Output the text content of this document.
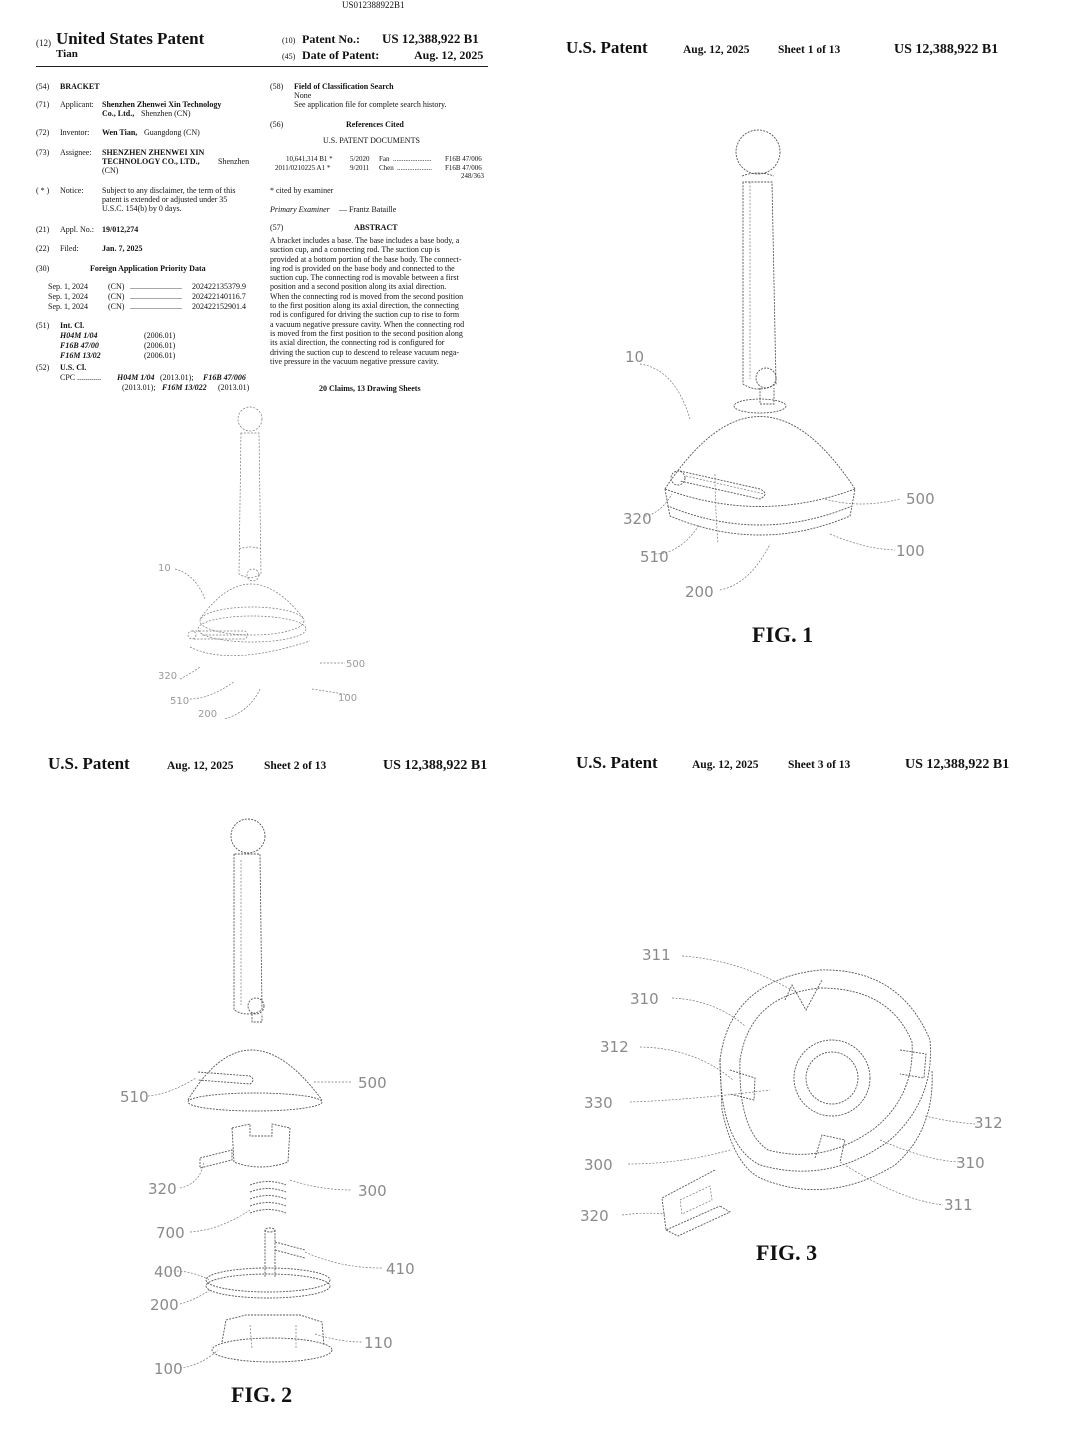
US012388922B1
(12) United States Patent
Tian
(10) Patent No.: US 12,388,922 B1
(45) Date of Patent:	Aug. 12, 2025
(54) BRACKET
(71) Applicant: Shenzhen Zhenwei Xin Technology
Co., Ltd., Shenzhen (CN)
(72) Inventor: Wen Tian, Guangdong (CN)
(73) Assignee: SHENZHEN ZHENWEI XIN
TECHNOLOGY CO., LTD., Shenzhen
(CN)
( * ) Notice: Subject to any disclaimer, the term of this
patent is extended or adjusted under 35
U.S.C. 154(b) by 0 days.
(21) Appl. No.: 19/012,274
(22) Filed:	Jan. 7, 2025
(30)	Foreign Application Priority Data
Sep. 1, 2024	(CN) .......................... 202422135379.9
Sep. 1, 2024	(CN) .......................... 202422140116.7
Sep. 1, 2024	(CN) .......................... 202422152901.4
(51) Int. Cl.
H04M 1/04	(2006.01)
F16B 47/00	(2006.01)
F16M 13/02	(2006.01)
(52) U.S. Cl.
CPC ............ H04M 1/04 (2013.01); F16B 47/006
(2013.01); F16M 13/022 (2013.01)
(58) Field of Classification Search
None
See application file for complete search history.
(56)	References Cited
U.S. PATENT DOCUMENTS
10,641,314 B1 * 5/2020 Fan ...................... F16B 47/006
2011/0210225 A1 *	9/2011 Chen .................... F16B 47/006
248/363
* cited by examiner
Primary Examiner — Frantz Bataille
(57)	ABSTRACT
A bracket includes a base. The base includes a base body, a
suction cup, and a connecting rod. The suction cup is
provided at a bottom portion of the base body. The connect-
ing rod is provided on the base body and connected to the
suction cup. The connecting rod is movable between a first
position and a second position along its axial direction.
When the connecting rod is moved from the second position
to the first position along its axial direction, the connecting
rod is configured for driving the suction cup to rise to form
a vacuum negative pressure cavity. When the connecting rod
is moved from the first position to the second position along
its axial direction, the connecting rod is configured for
driving the suction cup to descend to release vacuum nega-
tive pressure in the vacuum negative pressure cavity.
20 Claims, 13 Drawing Sheets
10
500
320
100
510
200
U.S. Patent	Aug. 12, 2025	Sheet 1 of 13	US 12,388,922 B1
10
500
320
100
510
200
FIG. 1
U.S. Patent	Aug. 12, 2025	Sheet 2 of 13	US 12,388,922 B1
510
500
320	300
700
400	410
200
110
100
FIG. 2
U.S. Patent	Aug. 12, 2025	Sheet 3 of 13	US 12,388,922 B1
311
310
312
330
312
300	310
311
320
FIG. 3
